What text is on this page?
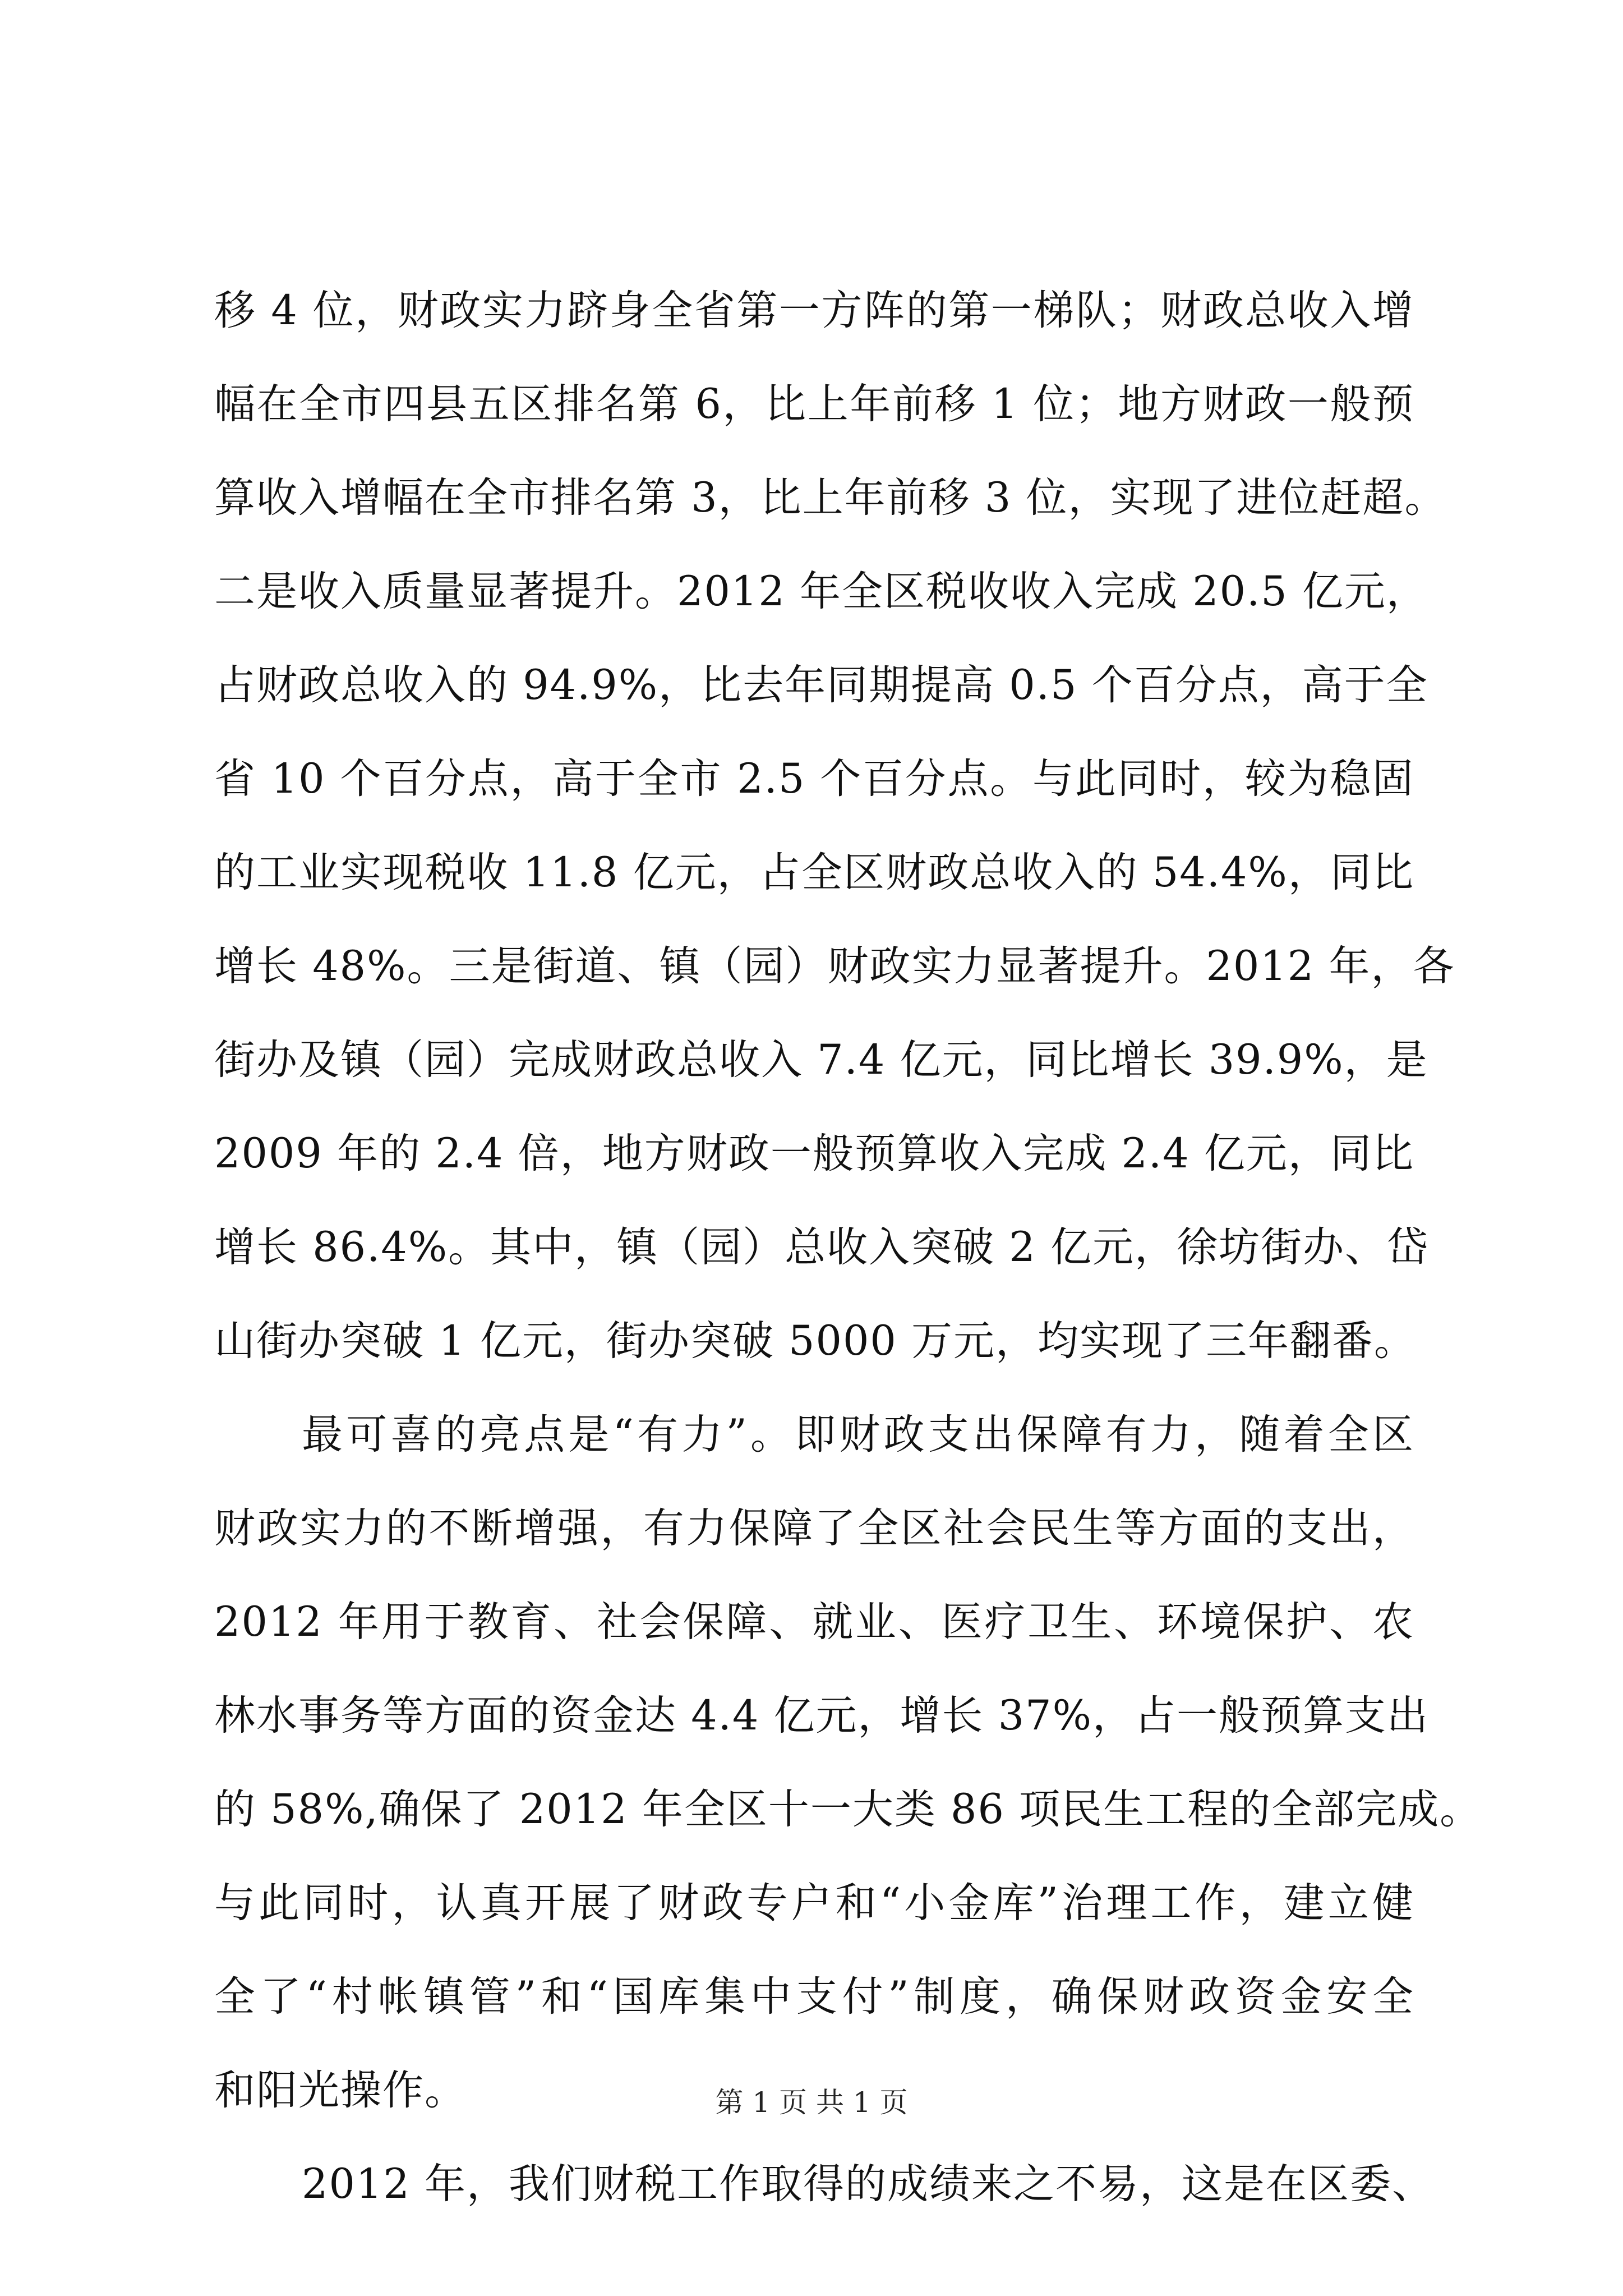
移 4 位，财政实力跻身全省第一方阵的第一梯队；财政总收入增
幅在全市四县五区排名第 6，比上年前移 1 位；地方财政一般预
算收入增幅在全市排名第 3，比上年前移 3 位，实现了进位赶超。
二是收入质量显著提升。2012 年全区税收收入完成 20.5 亿元，
占财政总收入的 94.9%，比去年同期提高 0.5 个百分点，高于全
省 10 个百分点，高于全市 2.5 个百分点。与此同时，较为稳固
的工业实现税收 11.8 亿元，占全区财政总收入的 54.4%，同比
增长 48%。三是街道、镇（园）财政实力显著提升。2012 年，各
街办及镇（园）完成财政总收入 7.4 亿元，同比增长 39.9%，是
2009 年的 2.4 倍，地方财政一般预算收入完成 2.4 亿元，同比
增长 86.4%。其中，镇（园）总收入突破 2 亿元，徐坊街办、岱
山街办突破 1 亿元，街办突破 5000 万元，均实现了三年翻番。
最可喜的亮点是“有力”。即财政支出保障有力，随着全区
财政实力的不断增强，有力保障了全区社会民生等方面的支出，
2012 年用于教育、社会保障、就业、医疗卫生、环境保护、农
林水事务等方面的资金达 4.4 亿元，增长 37%，占一般预算支出
的 58%,确保了 2012 年全区十一大类 86 项民生工程的全部完成。
与此同时，认真开展了财政专户和“小金库”治理工作，建立健
全了“村帐镇管”和“国库集中支付”制度，确保财政资金安全
和阳光操作。
2012 年，我们财税工作取得的成绩来之不易，这是在区委、
第 1 页 共 1 页
